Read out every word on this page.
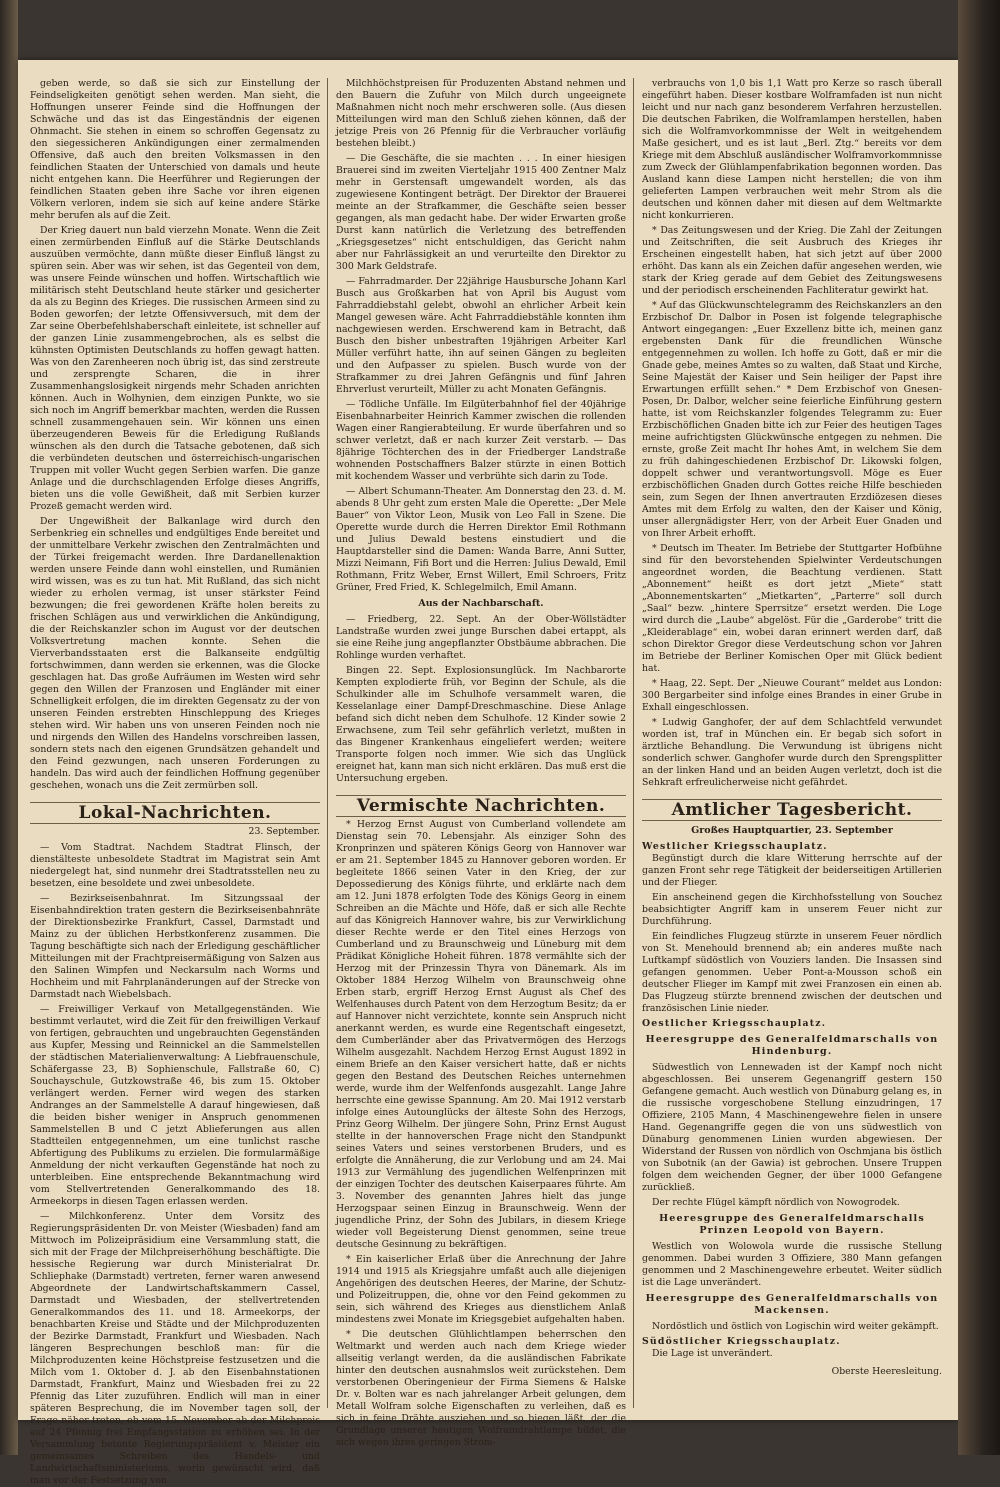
geben werde, so daß sie sich zur Einstellung der Feindseligkeiten genötigt sehen werden. Man sieht, die Hoffnungen unserer Feinde sind die Hoffnungen der Schwäche und das ist das Eingeständnis der eigenen Ohnmacht. Sie stehen in einem so schroffen Gegensatz zu den siegessicheren Ankündigungen einer zermalmenden Offensive, daß auch den breiten Volksmassen in den feindlichen Staaten der Unterschied von damals und heute nicht entgehen kann. Die Heerführer und Regierungen der feindlichen Staaten geben ihre Sache vor ihren eigenen Völkern verloren, indem sie sich auf keine andere Stärke mehr berufen als auf die Zeit.

Der Krieg dauert nun bald vierzehn Monate. Wenn die Zeit einen zermürbenden Einfluß auf die Stärke Deutschlands auszuüben vermöchte, dann müßte dieser Einfluß längst zu spüren sein. Aber was wir sehen, ist das Gegenteil von dem, was unsere Feinde wünschen und hoffen. Wirtschaftlich wie militärisch steht Deutschland heute stärker und gesicherter da als zu Beginn des Krieges. Die russischen Armeen sind zu Boden geworfen; der letzte Offensivversuch, mit dem der Zar seine Oberbefehlshaberschaft einleitete, ist schneller auf der ganzen Linie zusammengebrochen, als es selbst die kühnsten Optimisten Deutschlands zu hoffen gewagt hatten. Was von den Zarenheeren noch übrig ist, das sind zerstreute und zersprengte Scharen, die in ihrer Zusammenhangslosigkeit nirgends mehr Schaden anrichten können. Auch in Wolhynien, dem einzigen Punkte, wo sie sich noch im Angriff bemerkbar machten, werden die Russen schnell zusammengehauen sein. Wir können uns einen überzeugenderen Beweis für die Erledigung Rußlands wünschen als den durch die Tatsache gebotenen, daß sich die verbündeten deutschen und österreichisch-ungarischen Truppen mit voller Wucht gegen Serbien warfen. Die ganze Anlage und die durchschlagenden Erfolge dieses Angriffs, bieten uns die volle Gewißheit, daß mit Serbien kurzer Prozeß gemacht werden wird.

Der Ungewißheit der Balkanlage wird durch den Serbenkrieg ein schnelles und endgültiges Ende bereitet und der unmittelbare Verkehr zwischen den Zentralmächten und der Türkei freigemacht werden. Ihre Dardanellenaktion werden unsere Feinde dann wohl einstellen, und Rumänien wird wissen, was es zu tun hat. Mit Rußland, das sich nicht wieder zu erholen vermag, ist unser stärkster Feind bezwungen; die frei gewordenen Kräfte holen bereits zu frischen Schlägen aus und verwirklichen die Ankündigung, die der Reichskanzler schon im August vor der deutschen Volksvertretung machen konnte. Sehen die Vierverbandsstaaten erst die Balkanseite endgültig fortschwimmen, dann werden sie erkennen, was die Glocke geschlagen hat. Das große Aufräumen im Westen wird sehr gegen den Willen der Franzosen und Engländer mit einer Schnelligkeit erfolgen, die im direkten Gegensatz zu der von unseren Feinden erstrebten Hinschleppung des Krieges stehen wird. Wir haben uns von unseren Feinden noch nie und nirgends den Willen des Handelns vorschreiben lassen, sondern stets nach den eigenen Grundsätzen gehandelt und den Feind gezwungen, nach unseren Forderungen zu handeln. Das wird auch der feindlichen Hoffnung gegenüber geschehen, wonach uns die Zeit zermürben soll.

Lokal-Nachrichten.
23. September.

— Vom Stadtrat. Nachdem Stadtrat Flinsch, der dienstälteste unbesoldete Stadtrat im Magistrat sein Amt niedergelegt hat, sind nunmehr drei Stadtratsstellen neu zu besetzen, eine besoldete und zwei unbesoldete.

— Bezirkseisenbahnrat. Im Sitzungssaal der Eisenbahndirektion traten gestern die Bezirkseisenbahnräte der Direktionsbezirke Frankfurt, Cassel, Darmstadt und Mainz zu der üblichen Herbstkonferenz zusammen. Die Tagung beschäftigte sich nach der Erledigung geschäftlicher Mitteilungen mit der Frachtpreisermäßigung von Salzen aus den Salinen Wimpfen und Neckarsulm nach Worms und Hochheim und mit Fahrplanänderungen auf der Strecke von Darmstadt nach Wiebelsbach.

— Freiwilliger Verkauf von Metallgegenständen. Wie bestimmt verlautet, wird die Zeit für den freiwilligen Verkauf von fertigen, gebrauchten und ungebrauchten Gegenständen aus Kupfer, Messing und Reinnickel an die Sammelstellen der städtischen Materialienverwaltung: A Liebfrauenschule, Schäfergasse 23, B) Sophienschule, Fallstraße 60, C) Souchayschule, Gutzkowstraße 46, bis zum 15. Oktober verlängert werden. Ferner wird wegen des starken Andranges an der Sammelstelle A darauf hingewiesen, daß die beiden bisher weniger in Anspruch genommenen Sammelstellen B und C jetzt Ablieferungen aus allen Stadtteilen entgegennehmen, um eine tunlichst rasche Abfertigung des Publikums zu erzielen. Die formularmäßige Anmeldung der nicht verkauften Gegenstände hat noch zu unterbleiben. Eine entsprechende Bekanntmachung wird vom Stellvertretenden Generalkommando des 18. Armeekorps in diesen Tagen erlassen werden.

— Milchkonferenz. Unter dem Vorsitz des Regierungspräsidenten Dr. von Meister (Wiesbaden) fand am Mittwoch im Polizeipräsidium eine Versammlung statt, die sich mit der Frage der Milchpreiserhöhung beschäftigte. Die hessische Regierung war durch Ministerialrat Dr. Schliephake (Darmstadt) vertreten, ferner waren anwesend Abgeordnete der Landwirtschaftskammern Cassel, Darmstadt und Wiesbaden, der stellvertretenden Generalkommandos des 11. und 18. Armeekorps, der benachbarten Kreise und Städte und der Milchproduzenten der Bezirke Darmstadt, Frankfurt und Wiesbaden. Nach längeren Besprechungen beschloß man: für die Milchproduzenten keine Höchstpreise festzusetzen und die Milch vom 1. Oktober d. J. ab den Eisenbahnstationen Darmstadt, Frankfurt, Mainz und Wiesbaden frei zu 22 Pfennig das Liter zuzuführen. Endlich will man in einer späteren Besprechung, die im November tagen soll, der Frage näher treten, ob vom 15. November ab der Milchpreis auf 24 Pfennig frei Empfangsstation zu erhöhen sei. In der Versammlung betonte Regierungspräsident v. Meister ein gemeinsames Schreiben des Handels- und Landwirtschaftsministeriums, worin gewünscht wird, daß man vor der Festsetzung von

Milchhöchstpreisen für Produzenten Abstand nehmen und den Bauern die Zufuhr von Milch durch ungeeignete Maßnahmen nicht noch mehr erschweren solle. (Aus diesen Mitteilungen wird man den Schluß ziehen können, daß der jetzige Preis von 26 Pfennig für die Verbraucher vorläufig bestehen bleibt.)

— Die Geschäfte, die sie machten . . . In einer hiesigen Brauerei sind im zweiten Vierteljahr 1915 400 Zentner Malz mehr in Gerstensaft umgewandelt worden, als das zugewiesene Kontingent beträgt. Der Direktor der Brauerei meinte an der Strafkammer, die Geschäfte seien besser gegangen, als man gedacht habe. Der wider Erwarten große Durst kann natürlich die Verletzung des betreffenden „Kriegsgesetzes“ nicht entschuldigen, das Gericht nahm aber nur Fahrlässigkeit an und verurteilte den Direktor zu 300 Mark Geldstrafe.

— Fahrradmarder. Der 22jährige Hausbursche Johann Karl Busch aus Großkarben hat von April bis August vom Fahrraddiebstahl gelebt, obwohl an ehrlicher Arbeit kein Mangel gewesen wäre. Acht Fahrraddiebstähle konnten ihm nachgewiesen werden. Erschwerend kam in Betracht, daß Busch den bisher unbestraften 19jährigen Arbeiter Karl Müller verführt hatte, ihn auf seinen Gängen zu begleiten und den Aufpasser zu spielen. Busch wurde von der Strafkammer zu drei Jahren Gefängnis und fünf Jahren Ehrverlust verurteilt, Müller zu acht Monaten Gefängnis.

— Tödliche Unfälle. Im Eilgüterbahnhof fiel der 40jährige Eisenbahnarbeiter Heinrich Kammer zwischen die rollenden Wagen einer Rangierabteilung. Er wurde überfahren und so schwer verletzt, daß er nach kurzer Zeit verstarb. — Das 8jährige Töchterchen des in der Friedberger Landstraße wohnenden Postschaffners Balzer stürzte in einen Bottich mit kochendem Wasser und verbrühte sich darin zu Tode.

— Albert Schumann-Theater. Am Donnerstag den 23. d. M. abends 8 Uhr geht zum ersten Male die Operette: „Der Mele Bauer“ von Viktor Leon, Musik von Leo Fall in Szene. Die Operette wurde durch die Herren Direktor Emil Rothmann und Julius Dewald bestens einstudiert und die Hauptdarsteller sind die Damen: Wanda Barre, Anni Sutter, Mizzi Neimann, Fifi Bort und die Herren: Julius Dewald, Emil Rothmann, Fritz Weber, Ernst Willert, Emil Schroers, Fritz Grüner, Fred Fried, K. Schlegelmilch, Emil Amann.

Aus der Nachbarschaft.

— Friedberg, 22. Sept. An der Ober-Wöllstädter Landstraße wurden zwei junge Burschen dabei ertappt, als sie eine Reihe jung angepflanzter Obstbäume abbrachen. Die Rohlinge wurden verhaftet.

Bingen 22. Sept. Explosionsunglück. Im Nachbarorte Kempten explodierte früh, vor Beginn der Schule, als die Schulkinder alle im Schulhofe versammelt waren, die Kesselanlage einer Dampf-Dreschmaschine. Diese Anlage befand sich dicht neben dem Schulhofe. 12 Kinder sowie 2 Erwachsene, zum Teil sehr gefährlich verletzt, mußten in das Bingener Krankenhaus eingeliefert werden; weitere Transporte folgen noch immer. Wie sich das Unglück ereignet hat, kann man sich nicht erklären. Das muß erst die Untersuchung ergeben.

Vermischte Nachrichten.

* Herzog Ernst August von Cumberland vollendete am Dienstag sein 70. Lebensjahr. Als einziger Sohn des Kronprinzen und späteren Königs Georg von Hannover war er am 21. September 1845 zu Hannover geboren worden. Er begleitete 1866 seinen Vater in den Krieg, der zur Depossedierung des Königs führte, und erklärte nach dem am 12. Juni 1878 erfolgten Tode des Königs Georg in einem Schreiben an die Mächte und Höfe, daß er sich alle Rechte auf das Königreich Hannover wahre, bis zur Verwirklichung dieser Rechte werde er den Titel eines Herzogs von Cumberland und zu Braunschweig und Lüneburg mit dem Prädikat Königliche Hoheit führen. 1878 vermählte sich der Herzog mit der Prinzessin Thyra von Dänemark. Als im Oktober 1884 Herzog Wilhelm von Braunschweig ohne Erben starb, ergriff Herzog Ernst August als Chef des Welfenhauses durch Patent von dem Herzogtum Besitz; da er auf Hannover nicht verzichtete, konnte sein Anspruch nicht anerkannt werden, es wurde eine Regentschaft eingesetzt, dem Cumberländer aber das Privatvermögen des Herzogs Wilhelm ausgezahlt. Nachdem Herzog Ernst August 1892 in einem Briefe an den Kaiser versichert hatte, daß er nichts gegen den Bestand des Deutschen Reiches unternehmen werde, wurde ihm der Welfenfonds ausgezahlt. Lange Jahre herrschte eine gewisse Spannung. Am 20. Mai 1912 verstarb infolge eines Autounglücks der älteste Sohn des Herzogs, Prinz Georg Wilhelm. Der jüngere Sohn, Prinz Ernst August stellte in der hannoverschen Frage nicht den Standpunkt seines Vaters und seines verstorbenen Bruders, und es erfolgte die Annäherung, die zur Verlobung und am 24. Mai 1913 zur Vermählung des jugendlichen Welfenprinzen mit der einzigen Tochter des deutschen Kaiserpaares führte. Am 3. November des genannten Jahres hielt das junge Herzogspaar seinen Einzug in Braunschweig. Wenn der jugendliche Prinz, der Sohn des Jubilars, in diesem Kriege wieder voll Begeisterung Dienst genommen, seine treue deutsche Gesinnung zu bekräftigen.

* Ein kaiserlicher Erlaß über die Anrechnung der Jahre 1914 und 1915 als Kriegsjahre umfaßt auch alle diejenigen Angehörigen des deutschen Heeres, der Marine, der Schutz- und Polizeitruppen, die, ohne vor den Feind gekommen zu sein, sich während des Krieges aus dienstlichem Anlaß mindestens zwei Monate im Kriegsgebiet aufgehalten haben.

* Die deutschen Glühlichtlampen beherrschen den Weltmarkt und werden auch nach dem Kriege wieder allseitig verlangt werden, da die ausländischen Fabrikate hinter den deutschen ausnahmslos weit zurückstehen. Dem verstorbenen Oberingenieur der Firma Siemens & Halske Dr. v. Bolten war es nach jahrelanger Arbeit gelungen, dem Metall Wolfram solche Eigenschaften zu verleihen, daß es sich in feine Drähte ausziehen und so biegen läßt, der die Grundlage unserer heutigen Wolframdrahtlampe bildet, die sich wegen ihres geringen Strom-

verbrauchs von 1,0 bis 1,1 Watt pro Kerze so rasch überall eingeführt haben. Dieser kostbare Wolframfaden ist nun nicht leicht und nur nach ganz besonderem Verfahren herzustellen. Die deutschen Fabriken, die Wolframlampen herstellen, haben sich die Wolframvorkommnisse der Welt in weitgehendem Maße gesichert, und es ist laut „Berl. Ztg.“ bereits vor dem Kriege mit dem Abschluß ausländischer Wolframvorkommnisse zum Zweck der Glühlampenfabrikation begonnen worden. Das Ausland kann diese Lampen nicht herstellen; die von ihm gelieferten Lampen verbrauchen weit mehr Strom als die deutschen und können daher mit diesen auf dem Weltmarkte nicht konkurrieren.

* Das Zeitungswesen und der Krieg. Die Zahl der Zeitungen und Zeitschriften, die seit Ausbruch des Krieges ihr Erscheinen eingestellt haben, hat sich jetzt auf über 2000 erhöht. Das kann als ein Zeichen dafür angesehen werden, wie stark der Krieg gerade auf dem Gebiet des Zeitungswesens und der periodisch erscheinenden Fachliteratur gewirkt hat.

* Auf das Glückwunschtelegramm des Reichskanzlers an den Erzbischof Dr. Dalbor in Posen ist folgende telegraphische Antwort eingegangen: „Euer Exzellenz bitte ich, meinen ganz ergebensten Dank für die freundlichen Wünsche entgegennehmen zu wollen. Ich hoffe zu Gott, daß er mir die Gnade gebe, meines Amtes so zu walten, daß Staat und Kirche, Seine Majestät der Kaiser und Sein heiliger der Papst ihre Erwartungen erfüllt sehen.“ * Dem Erzbischof von Gnesen-Posen, Dr. Dalbor, welcher seine feierliche Einführung gestern hatte, ist vom Reichskanzler folgendes Telegramm zu: Euer Erzbischöflichen Gnaden bitte ich zur Feier des heutigen Tages meine aufrichtigsten Glückwünsche entgegen zu nehmen. Die ernste, große Zeit macht Ihr hohes Amt, in welchem Sie dem zu früh dahingeschiedenen Erzbischof Dr. Likowski folgen, doppelt schwer und verantwortungsvoll. Möge es Euer erzbischöflichen Gnaden durch Gottes reiche Hilfe beschieden sein, zum Segen der Ihnen anvertrauten Erzdiözesen dieses Amtes mit dem Erfolg zu walten, den der Kaiser und König, unser allergnädigster Herr, von der Arbeit Euer Gnaden und von Ihrer Arbeit erhofft.

* Deutsch im Theater. Im Betriebe der Stuttgarter Hofbühne sind für den bevorstehenden Spielwinter Verdeutschungen angeordnet worden, die Beachtung verdienen. Statt „Abonnement“ heißt es dort jetzt „Miete“ statt „Abonnementskarten“ „Mietkarten“, „Parterre“ soll durch „Saal“ bezw. „hintere Sperrsitze“ ersetzt werden. Die Loge wird durch die „Laube“ abgelöst. Für die „Garderobe“ tritt die „Kleiderablage“ ein, wobei daran erinnert werden darf, daß schon Direktor Gregor diese Verdeutschung schon vor Jahren im Betriebe der Berliner Komischen Oper mit Glück bedient hat.

* Haag, 22. Sept. Der „Nieuwe Courant“ meldet aus London: 300 Bergarbeiter sind infolge eines Brandes in einer Grube in Exhall eingeschlossen.

* Ludwig Ganghofer, der auf dem Schlachtfeld verwundet worden ist, traf in München ein. Er begab sich sofort in ärztliche Behandlung. Die Verwundung ist übrigens nicht sonderlich schwer. Ganghofer wurde durch den Sprengsplitter an der linken Hand und an beiden Augen verletzt, doch ist die Sehkraft erfreulicherweise nicht gefährdet.

Amtlicher Tagesbericht.
Großes Hauptquartier, 23. September
Westlicher Kriegsschauplatz.

Begünstigt durch die klare Witterung herrschte auf der ganzen Front sehr rege Tätigkeit der beiderseitigen Artillerien und der Flieger.

Ein anscheinend gegen die Kirchhofsstellung von Souchez beabsichtigter Angriff kam in unserem Feuer nicht zur Durchführung.

Ein feindliches Flugzeug stürzte in unserem Feuer nördlich von St. Menehould brennend ab; ein anderes mußte nach Luftkampf südöstlich von Vouziers landen. Die Insassen sind gefangen genommen. Ueber Pont-a-Mousson schoß ein deutscher Flieger im Kampf mit zwei Franzosen ein einen ab. Das Flugzeug stürzte brennend zwischen der deutschen und französischen Linie nieder.

Oestlicher Kriegsschauplatz.
Heeresgruppe des Generalfeldmarschalls von Hindenburg.

Südwestlich von Lennewaden ist der Kampf noch nicht abgeschlossen. Bei unserem Gegenangriff gestern 150 Gefangene gemacht. Auch westlich von Dünaburg gelang es, in die russische vorgeschobene Stellung einzudringen, 17 Offiziere, 2105 Mann, 4 Maschinengewehre fielen in unsere Hand. Gegenangriffe gegen die von uns südwestlich von Dünaburg genommenen Linien wurden abgewiesen. Der Widerstand der Russen von nördlich von Oschmjana bis östlich von Subotnik (an der Gawia) ist gebrochen. Unsere Truppen folgen dem weichenden Gegner, der über 1000 Gefangene zurückließ.

Der rechte Flügel kämpft nördlich von Nowogrodek.

Heeresgruppe des Generalfeldmarschalls Prinzen Leopold von Bayern.

Westlich von Wolowola wurde die russische Stellung genommen. Dabei wurden 3 Offiziere, 380 Mann gefangen genommen und 2 Maschinengewehre erbeutet. Weiter südlich ist die Lage unverändert.

Heeresgruppe des Generalfeldmarschalls von Mackensen.

Nordöstlich und östlich von Logischin wird weiter gekämpft.

Südöstlicher Kriegsschauplatz.

Die Lage ist unverändert.

Oberste Heeresleitung.
